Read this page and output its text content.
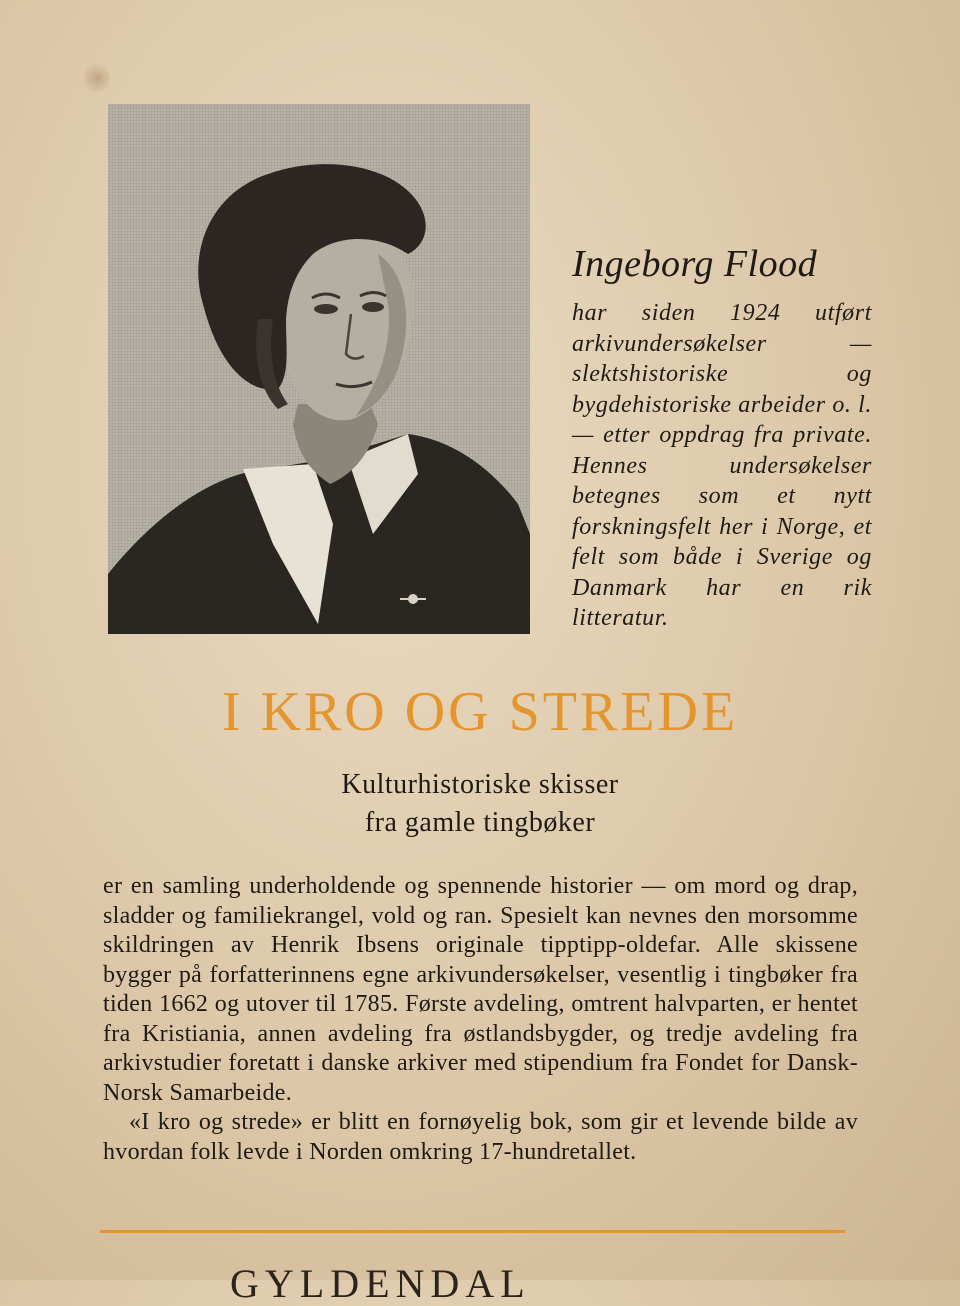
Ingeborg Flood
har siden 1924 utført arkivundersøkelser — slektshistoriske og bygdehistoriske arbeider o. l. — etter oppdrag fra private. Hennes undersøkelser betegnes som et nytt forskningsfelt her i Norge, et felt som både i Sverige og Danmark har en rik litteratur.
I KRO OG STREDE
Kulturhistoriske skisser
fra gamle tingbøker

er en samling underholdende og spennende historier — om mord og drap, sladder og familiekrangel, vold og ran. Spesielt kan nevnes den morsomme skildringen av Henrik Ibsens originale tipptipp-oldefar. Alle skissene bygger på forfatterinnens egne arkivundersøkelser, vesentlig i tingbøker fra tiden 1662 og utover til 1785. Første avdeling, omtrent halvparten, er hentet fra Kristiania, annen avdeling fra østlandsbygder, og tredje avdeling fra arkivstudier foretatt i danske arkiver med stipendium fra Fondet for Dansk-Norsk Samarbeide.

«I kro og strede» er blitt en fornøyelig bok, som gir et levende bilde av hvordan folk levde i Norden omkring 17-hundretallet.

GYLDENDAL
